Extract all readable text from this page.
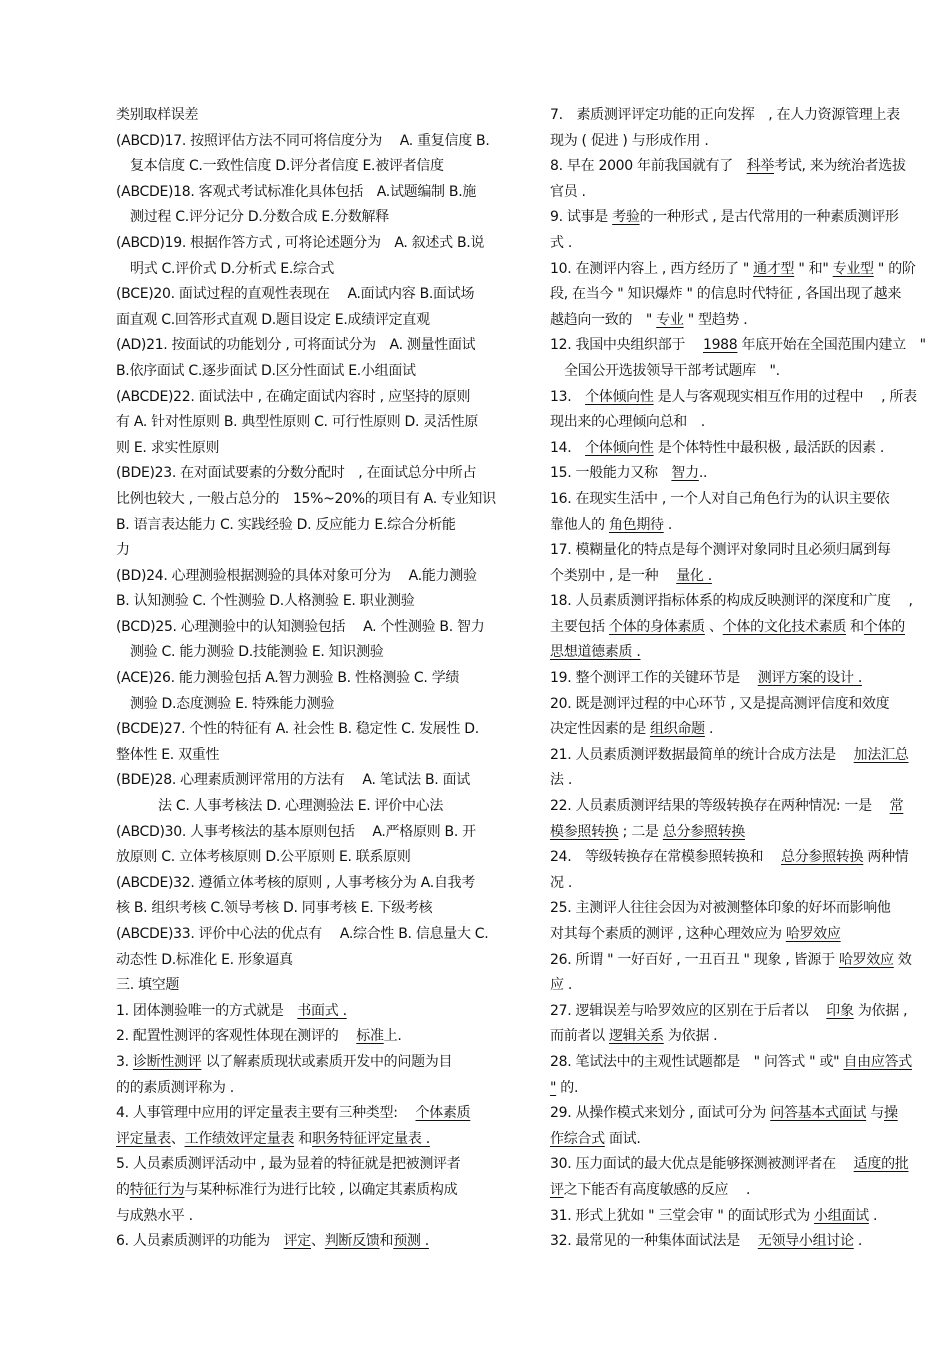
类别取样误差
(ABCD)17. 按照评估方法不同可将信度分为　 A. 重复信度 B.
复本信度 C.一致性信度 D.评分者信度 E.被评者信度
(ABCDE)18. 客观式考试标准化具体包括　A.试题编制 B.施
测过程 C.评分记分 D.分数合成 E.分数解释
(ABCD)19. 根据作答方式 , 可将论述题分为　A. 叙述式 B.说
明式 C.评价式 D.分析式 E.综合式
(BCE)20. 面试过程的直观性表现在　 A.面试内容 B.面试场
面直观 C.回答形式直观 D.题目设定 E.成绩评定直观
(AD)21. 按面试的功能划分 , 可将面试分为　A. 测量性面试
B.依序面试 C.逐步面试 D.区分性面试 E.小组面试
(ABCDE)22. 面试法中 , 在确定面试内容时 , 应坚持的原则
有 A. 针对性原则 B. 典型性原则 C. 可行性原则 D. 灵活性原
则 E. 求实性原则
(BDE)23. 在对面试要素的分数分配时　, 在面试总分中所占
比例也较大 , 一般占总分的　15%~20%的项目有 A. 专业知识
B. 语言表达能力 C. 实践经验 D. 反应能力 E.综合分析能
力
(BD)24. 心理测验根据测验的具体对象可分为　 A.能力测验
B. 认知测验 C. 个性测验 D.人格测验 E. 职业测验
(BCD)25. 心理测验中的认知测验包括　 A. 个性测验 B. 智力
测验 C. 能力测验 D.技能测验 E. 知识测验
(ACE)26. 能力测验包括 A.智力测验 B. 性格测验 C. 学绩
测验 D.态度测验 E. 特殊能力测验
(BCDE)27. 个性的特征有 A. 社会性 B. 稳定性 C. 发展性 D.
整体性 E. 双重性
(BDE)28. 心理素质测评常用的方法有　 A. 笔试法 B. 面试
法 C. 人事考核法 D. 心理测验法 E. 评价中心法
(ABCD)30. 人事考核法的基本原则包括　 A.严格原则 B. 开
放原则 C. 立体考核原则 D.公平原则 E. 联系原则
(ABCDE)32. 遵循立体考核的原则 , 人事考核分为 A.自我考
核 B. 组织考核 C.领导考核 D. 同事考核 E. 下级考核
(ABCDE)33. 评价中心法的优点有　 A.综合性 B. 信息量大 C.
动态性 D.标准化 E. 形象逼真
三. 填空题
1. 团体测验唯一的方式就是　书面式 .
2. 配置性测评的客观性体现在测评的　 标准上.
3. 诊断性测评 以了解素质现状或素质开发中的问题为目
的的素质测评称为 .
4. 人事管理中应用的评定量表主要有三种类型:　 个体素质
评定量表、工作绩效评定量表 和职务特征评定量表 .
5. 人员素质测评活动中 , 最为显着的特征就是把被测评者
的特征行为与某种标准行为进行比较 , 以确定其素质构成
与成熟水平 .
6. 人员素质测评的功能为　评定、判断反馈和预测 .
7.　素质测评评定功能的正向发挥　, 在人力资源管理上表
现为 ( 促进 ) 与形成作用 .
8. 早在 2000 年前我国就有了　科举考试, 来为统治者选拔
官员 .
9. 试事是 考验的一种形式 , 是古代常用的一种素质测评形
式 .
10. 在测评内容上 , 西方经历了 " 通才型 " 和" 专业型 " 的阶
段, 在当今 " 知识爆炸 " 的信息时代特征 , 各国出现了越来
越趋向一致的　" 专业 " 型趋势 .
12. 我国中央组织部于　 1988 年底开始在全国范围内建立　"
全国公开选拔领导干部考试题库　".
13.　个体倾向性 是人与客观现实相互作用的过程中　 , 所表
现出来的心理倾向总和　.
14.　个体倾向性 是个体特性中最积极 , 最活跃的因素 .
15. 一般能力又称　智力..
16. 在现实生活中 , 一个人对自己角色行为的认识主要依
靠他人的 角色期待 .
17. 模糊量化的特点是每个测评对象同时且必须归属到每
个类别中 , 是一种　 量化 .
18. 人员素质测评指标体系的构成反映测评的深度和广度　 ,
主要包括 个体的身体素质 、个体的文化技术素质 和个体的
思想道德素质 .
19. 整个测评工作的关键环节是　 测评方案的设计 .
20. 既是测评过程的中心环节 , 又是提高测评信度和效度
决定性因素的是 组织命题 .
21. 人员素质测评数据最简单的统计合成方法是　 加法汇总
法 .
22. 人员素质测评结果的等级转换存在两种情况: 一是　 常
模参照转换 ; 二是 总分参照转换
24.　等级转换存在常模参照转换和　 总分参照转换 两种情
况 .
25. 主测评人往往会因为对被测整体印象的好坏而影响他
对其每个素质的测评 , 这种心理效应为 哈罗效应
26. 所谓 " 一好百好 , 一丑百丑 " 现象 , 皆源于 哈罗效应 效
应 .
27. 逻辑误差与哈罗效应的区别在于后者以　 印象 为依据 ,
而前者以 逻辑关系 为依据 .
28. 笔试法中的主观性试题都是　" 问答式 " 或" 自由应答式
" 的.
29. 从操作模式来划分 , 面试可分为 问答基本式面试 与操
作综合式 面试.
30. 压力面试的最大优点是能够探测被测评者在　 适度的批
评之下能否有高度敏感的反应　 .
31. 形式上犹如 " 三堂会审 " 的面试形式为 小组面试 .
32. 最常见的一种集体面试法是　 无领导小组讨论 .
